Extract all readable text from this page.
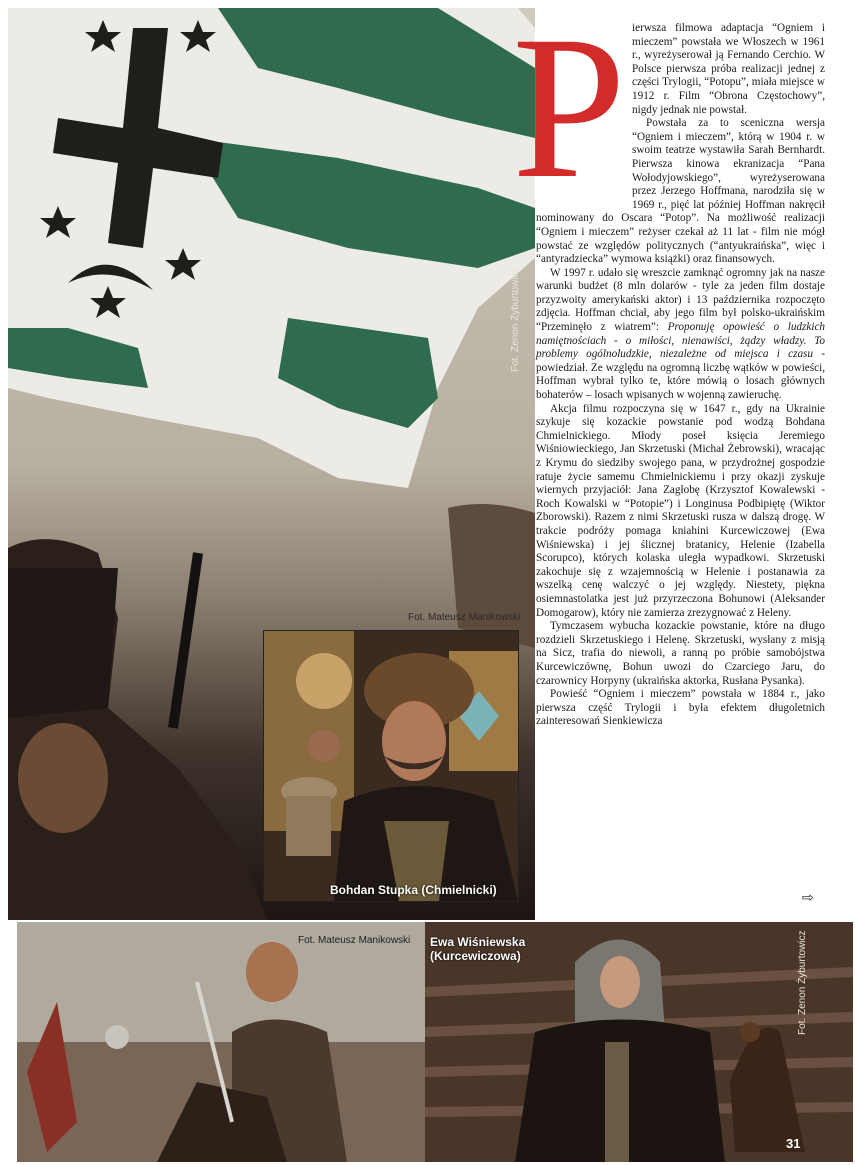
Fot. Zenon Żyburtowicz
Fot. Mateusz Manikowski
Bohdan Stupka (Chmielnicki)
Fot. Mateusz Manikowski Ewa Wiśniewska
(Kurcewiczowa)	Fot. Zenon Żyburtowicz
31

Pierwsza filmowa adaptacja “Ogniem i mieczem” powstała we Włoszech w 1961 r., wyreżyserował ją Fernando Cerchio. W Polsce pierwsza próba realizacji jednej z części Trylogii, “Potopu”, miała miejsce w 1912 r. Film “Obrona Częstochowy”, nigdy jednak nie powstał.

Powstała za to sceniczna wersja “Ogniem i mieczem”, którą w 1904 r. w swoim teatrze wystawiła Sarah Bernhardt. Pierwsza kinowa ekranizacja “Pana Wołodyjowskiego”, wyreżyserowana przez Jerzego Hoffmana, narodziła się w 1969 r., pięć lat później Hoffman nakręcił nominowany do Oscara “Potop”. Na możliwość realizacji “Ogniem i mieczem” reżyser czekał aż 11 lat - film nie mógł powstać ze względów politycznych (“antyukraińska”, więc i “antyradziecka” wymowa książki) oraz finansowych.

W 1997 r. udało się wreszcie zamknąć ogromny jak na nasze warunki budżet (8 mln dolarów - tyle za jeden film dostaje przyzwoity amerykański aktor) i 13 października rozpoczęto zdjęcia. Hoffman chciał, aby jego film był polsko-ukraińskim “Przeminęło z wiatrem”: Proponuję opowieść o ludzkich namiętnościach - o miłości, nienawiści, żądzy władzy. To problemy ogólnoludzkie, niezależne od miejsca i czasu - powiedział. Ze względu na ogromną liczbę wątków w powieści, Hoffman wybrał tylko te, które mówią o losach głównych bohaterów – losach wpisanych w wojenną zawieruchę.

Akcja filmu rozpoczyna się w 1647 r., gdy na Ukrainie szykuje się kozackie powstanie pod wodzą Bohdana Chmielnickiego. Młody poseł księcia Jeremiego Wiśniowieckiego, Jan Skrzetuski (Michał Żebrowski), wracając z Krymu do siedziby swojego pana, w przydrożnej gospodzie ratuje życie samemu Chmielnickiemu i przy okazji zyskuje wiernych przyjaciół: Jana Zagłobę (Krzysztof Kowalewski - Roch Kowalski w “Potopie”) i Longinusa Podbipiętę (Wiktor Zborowski). Razem z nimi Skrzetuski rusza w dalszą drogę. W trakcie podróży pomaga kniahini Kurcewiczowej (Ewa Wiśniewska) i jej ślicznej bratanicy, Helenie (Izabella Scorupco), których kolaska uległa wypadkowi. Skrzetuski zakochuje się z wzajemnością w Helenie i postanawia za wszelką cenę walczyć o jej względy. Niestety, piękna osiemnastolatka jest już przyrzeczona Bohunowi (Aleksander Domogarow), który nie zamierza zrezygnować z Heleny.

Tymczasem wybucha kozackie powstanie, które na długo rozdzieli Skrzetuskiego i Helenę. Skrzetuski, wysłany z misją na Sicz, trafia do niewoli, a ranną po próbie samobójstwa Kurcewiczównę, Bohun uwozi do Czarciego Jaru, do czarownicy Horpyny (ukraińska aktorka, Rusłana Pysanka).

Powieść “Ogniem i mieczem” powstała w 1884 r., jako pierwsza część Trylogii i była efektem długoletnich zainteresowań Sienkiewicza

⇨
